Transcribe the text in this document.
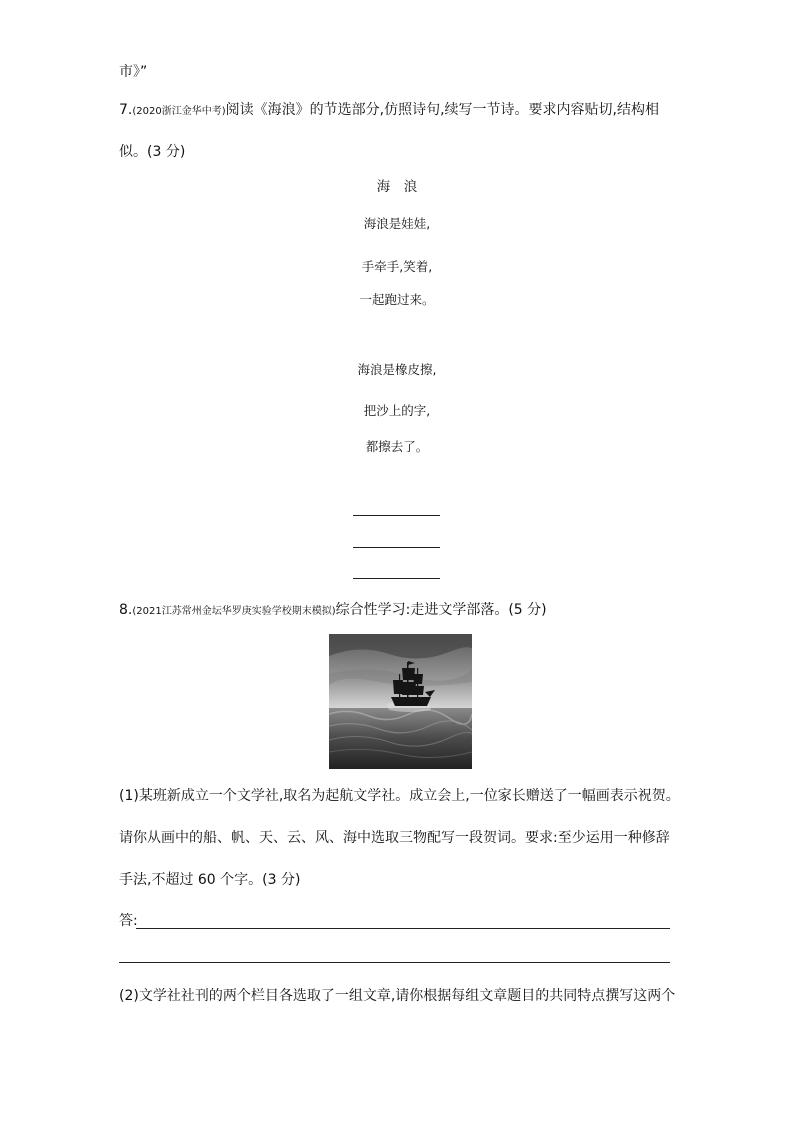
市》”
7.(2020浙江金华中考)阅读《海浪》的节选部分,仿照诗句,续写一节诗。要求内容贴切,结构相
似。(3 分)
海　浪
海浪是娃娃,
手牵手,笑着,
一起跑过来。
海浪是橡皮擦,
把沙上的字,
都擦去了。
8.(2021江苏常州金坛华罗庚实验学校期末模拟)综合性学习:走进文学部落。(5 分)
(1)某班新成立一个文学社,取名为起航文学社。成立会上,一位家长赠送了一幅画表示祝贺。
请你从画中的船、帆、天、云、风、海中选取三物配写一段贺词。要求:至少运用一种修辞
手法,不超过 60 个字。(3 分)
答:
(2)文学社社刊的两个栏目各选取了一组文章,请你根据每组文章题目的共同特点撰写这两个
